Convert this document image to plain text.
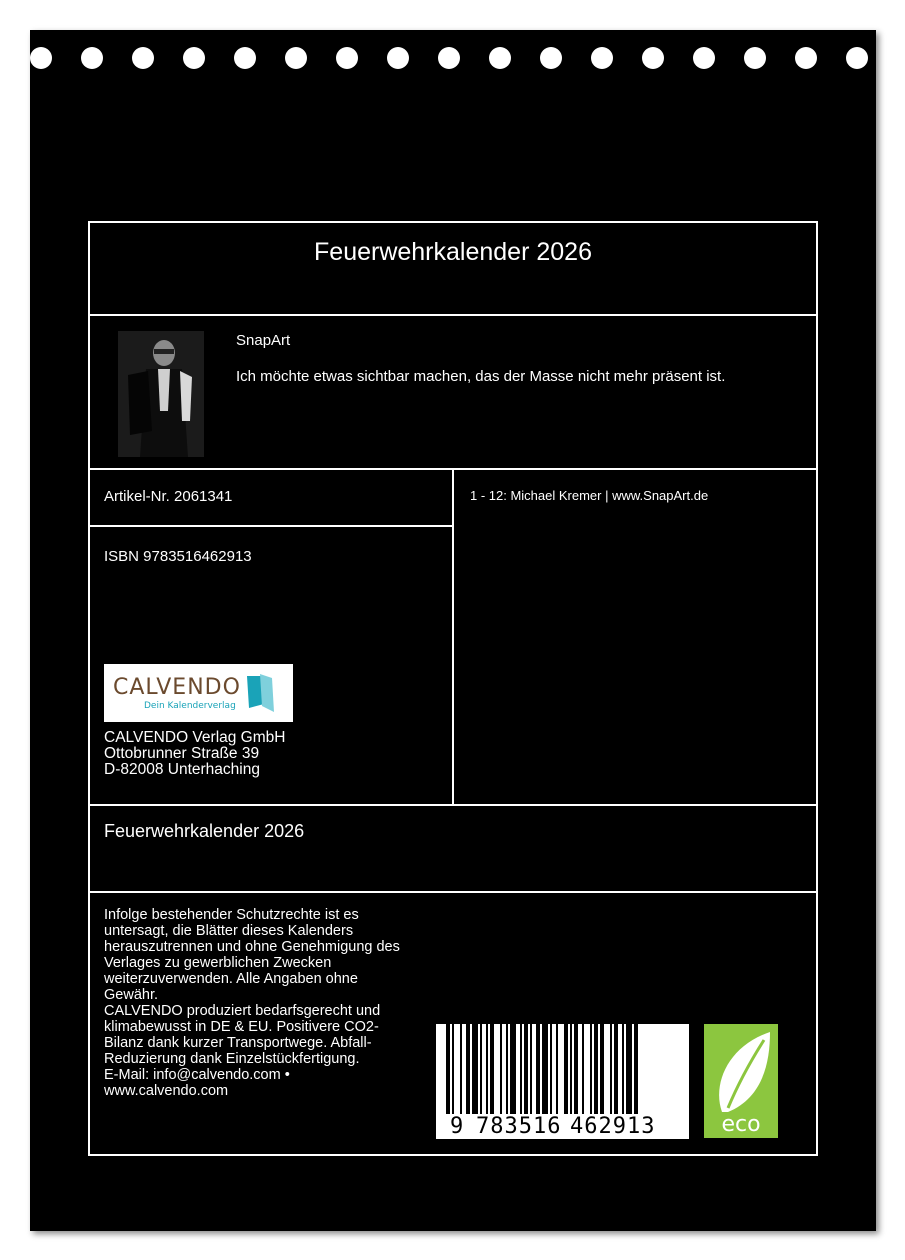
Feuerwehrkalender 2026
SnapArt
Ich möchte etwas sichtbar machen, das der Masse nicht mehr präsent ist.
Artikel-Nr. 2061341	1 - 12: Michael Kremer | www.SnapArt.de
ISBN 9783516462913
CALVENDO
Dein Kalenderverlag
CALVENDO Verlag GmbH
Ottobrunner Straße 39
D-82008 Unterhaching
Feuerwehrkalender 2026
Infolge bestehender Schutzrechte ist es
untersagt, die Blätter dieses Kalenders
herauszutrennen und ohne Genehmigung des
Verlages zu gewerblichen Zwecken
weiterzuverwenden. Alle Angaben ohne
Gewähr.
CALVENDO produziert bedarfsgerecht und
klimabewusst in DE & EU. Positivere CO2-
Bilanz dank kurzer Transportwege. Abfall-
Reduzierung dank Einzelstückfertigung.
E-Mail: info@calvendo.com •
www.calvendo.com
9 783516 462913	eco
